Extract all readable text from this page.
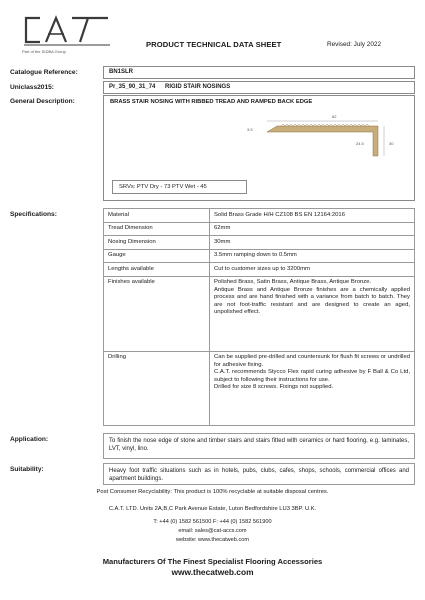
Part of the IDDBA Group
PRODUCT TECHNICAL DATA SHEET	Revised: July 2022
Catalogue Reference:	BN1SLR
Uniclass2015:	Pr_35_90_31_74 RIGID STAIR NOSINGS
General Description:	BRASS STAIR NOSING WITH RIBBED TREAD AND RAMPED BACK EDGE
62
3.5
24.5	30
SRVs: PTV Dry - 73 PTV Wet - 45
Specifications:	Material	Solid Brass Grade H/H CZ108 BS EN 12164:2016
Tread Dimension	62mm
Nosing Dimension	30mm
Gauge	3.5mm ramping down to 0.5mm
Lengths available	Cut to customer sizes up to 3200mm
Finishes available	Polished Brass, Satin Brass, Antique Brass, Antique Bronze.
Antique Brass and Antique Bronze finishes are a chemically applied process and are hand finished with a variance from batch to batch. They are not foot-traffic resistant and are designed to create an aged, unpolished effect.
Drilling	Can be supplied pre-drilled and countersunk for flush fit screws or undrilled for adhesive fixing.
C.A.T. recommends Stycco Flex rapid curing adhesive by F Ball & Co Ltd, subject to following their instructions for use.
Drilled for size 8 screws. Fixings not supplied.
Application:	To finish the nose edge of stone and timber stairs and stairs fitted with ceramics or hard flooring, e.g. laminates, LVT, vinyl, lino.
Suitability:	Heavy foot traffic situations such as in hotels, pubs, clubs, cafes, shops, schools, commercial offices and apartment buildings.
Post Consumer Recyclability: This product is 100% recyclable at suitable disposal centres.
C.A.T. LTD. Units 2A,B,C Park Avenue Estate, Luton Bedfordshire LU3 3BP. U.K.
T: +44 (0) 1582 561500 F: +44 (0) 1582 561900
email: sales@cat-accs.com
website: www.thecatweb.com
Manufacturers Of The Finest Specialist Flooring Accessories
www.thecatweb.com
